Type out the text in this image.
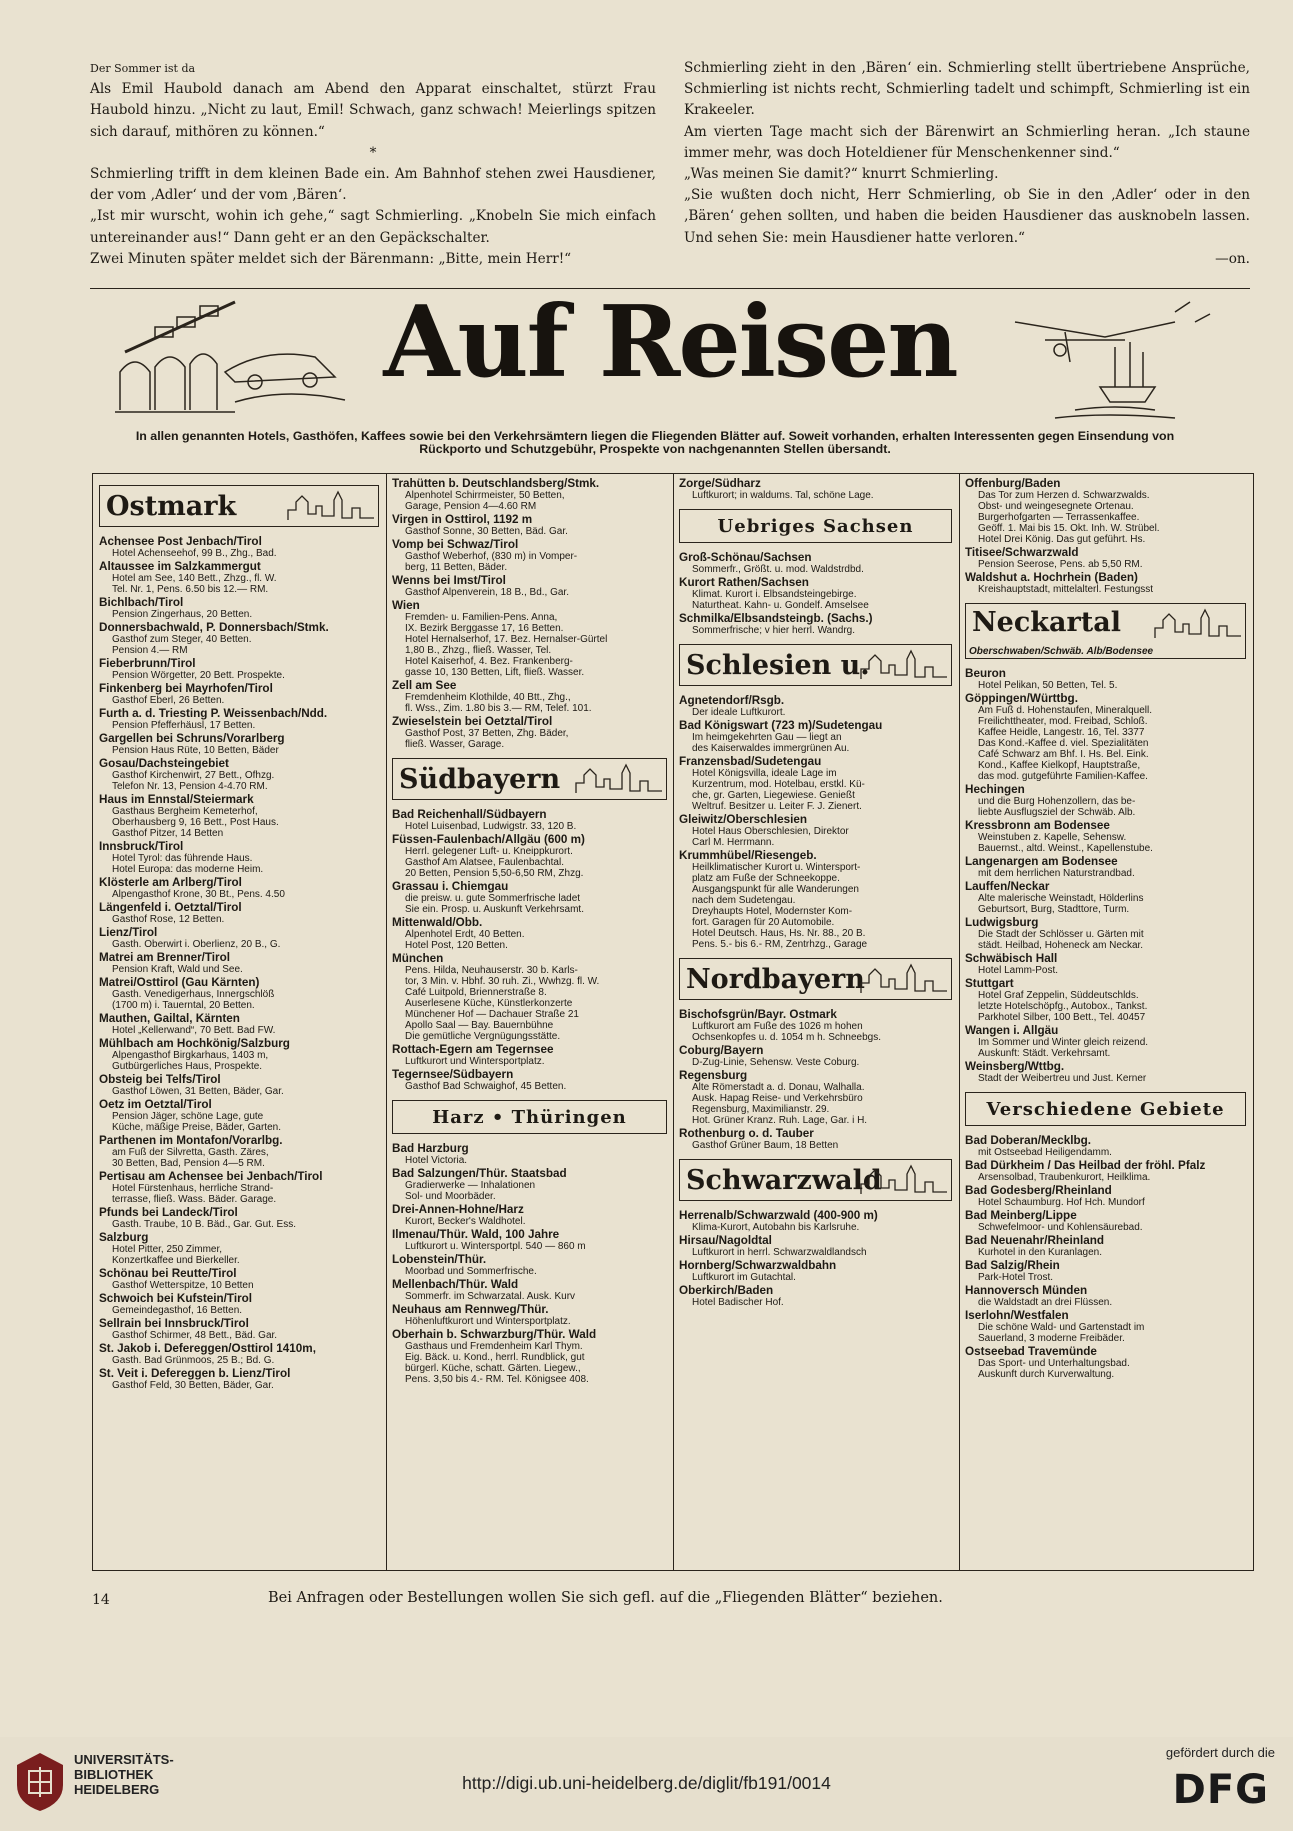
Der Sommer ist da

Als Emil Haubold danach am Abend den Apparat einschaltet, stürzt Frau Haubold hinzu. „Nicht zu laut, Emil! Schwach, ganz schwach! Meierlings spitzen sich darauf, mithören zu können.“

*

Schmierling trifft in dem kleinen Bade ein. Am Bahnhof stehen zwei Hausdiener, der vom ‚Adler‘ und der vom ‚Bären‘.

„Ist mir wurscht, wohin ich gehe,“ sagt Schmierling. „Knobeln Sie mich einfach untereinander aus!“ Dann geht er an den Gepäckschalter.

Zwei Minuten später meldet sich der Bärenmann: „Bitte, mein Herr!“

Schmierling zieht in den ‚Bären‘ ein. Schmierling stellt übertriebene Ansprüche, Schmierling ist nichts recht, Schmierling tadelt und schimpft, Schmierling ist ein Krakeeler.

Am vierten Tage macht sich der Bärenwirt an Schmierling heran. „Ich staune immer mehr, was doch Hoteldiener für Menschenkenner sind.“

„Was meinen Sie damit?“ knurrt Schmierling.

„Sie wußten doch nicht, Herr Schmierling, ob Sie in den ‚Adler‘ oder in den ‚Bären‘ gehen sollten, und haben die beiden Hausdiener das ausknobeln lassen. Und sehen Sie: mein Hausdiener hatte verloren.“

—on.

Auf Reisen
In allen genannten Hotels, Gasthöfen, Kaffees sowie bei den Verkehrsämtern liegen die Fliegenden Blätter auf. Soweit vorhanden, erhalten Interessenten gegen Einsendung von Rückporto und Schutzgebühr, Prospekte von nachgenannten Stellen übersandt.
Ostmark
Achensee Post Jenbach/Tirol
Hotel Achenseehof, 99 B., Zhg., Bad.
Altaussee im Salzkammergut
Hotel am See, 140 Bett., Zhzg., fl. W.
Tel. Nr. 1, Pens. 6.50 bis 12.— RM.
Bichlbach/Tirol
Pension Zingerhaus, 20 Betten.
Donnersbachwald, P. Donnersbach/Stmk.
Gasthof zum Steger, 40 Betten.
Pension 4.— RM
Fieberbrunn/Tirol
Pension Wörgetter, 20 Bett. Prospekte.
Finkenberg bei Mayrhofen/Tirol
Gasthof Eberl, 26 Betten.
Furth a. d. Triesting P. Weissenbach/Ndd.
Pension Pfefferhäusl, 17 Betten.
Gargellen bei Schruns/Vorarlberg
Pension Haus Rüte, 10 Betten, Bäder
Gosau/Dachsteingebiet
Gasthof Kirchenwirt, 27 Bett., Ofhzg.
Telefon Nr. 13, Pension 4-4.70 RM.
Haus im Ennstal/Steiermark
Gasthaus Bergheim Kemeterhof,
Oberhausberg 9, 16 Bett., Post Haus.
Gasthof Pitzer, 14 Betten
Innsbruck/Tirol
Hotel Tyrol: das führende Haus.
Hotel Europa: das moderne Heim.
Klösterle am Arlberg/Tirol
Alpengasthof Krone, 30 Bt., Pens. 4.50
Längenfeld i. Oetztal/Tirol
Gasthof Rose, 12 Betten.
Lienz/Tirol
Gasth. Oberwirt i. Oberlienz, 20 B., G.
Matrei am Brenner/Tirol
Pension Kraft, Wald und See.
Matrei/Osttirol (Gau Kärnten)
Gasth. Venedigerhaus, Innergschlöß
(1700 m) i. Tauerntal, 20 Betten.
Mauthen, Gailtal, Kärnten
Hotel „Kellerwand“, 70 Bett. Bad FW.
Mühlbach am Hochkönig/Salzburg
Alpengasthof Birgkarhaus, 1403 m,
Gutbürgerliches Haus, Prospekte.
Obsteig bei Telfs/Tirol
Gasthof Löwen, 31 Betten, Bäder, Gar.
Oetz im Oetztal/Tirol
Pension Jäger, schöne Lage, gute
Küche, mäßige Preise, Bäder, Garten.
Parthenen im Montafon/Vorarlbg.
am Fuß der Silvretta, Gasth. Zäres,
30 Betten, Bad, Pension 4—5 RM.
Pertisau am Achensee bei Jenbach/Tirol
Hotel Fürstenhaus, herrliche Strand-
terrasse, fließ. Wass. Bäder. Garage.
Pfunds bei Landeck/Tirol
Gasth. Traube, 10 B. Bäd., Gar. Gut. Ess.
Salzburg
Hotel Pitter, 250 Zimmer,
Konzertkaffee und Bierkeller.
Schönau bei Reutte/Tirol
Gasthof Wetterspitze, 10 Betten
Schwoich bei Kufstein/Tirol
Gemeindegasthof, 16 Betten.
Sellrain bei Innsbruck/Tirol
Gasthof Schirmer, 48 Bett., Bäd. Gar.
St. Jakob i. Defereggen/Osttirol 1410m,
Gasth. Bad Grünmoos, 25 B.; Bd. G.
St. Veit i. Defereggen b. Lienz/Tirol
Gasthof Feld, 30 Betten, Bäder, Gar.
Trahütten b. Deutschlandsberg/Stmk.
Alpenhotel Schirrmeister, 50 Betten,
Garage, Pension 4—4.60 RM
Virgen in Osttirol, 1192 m
Gasthof Sonne, 30 Betten, Bäd. Gar.
Vomp bei Schwaz/Tirol
Gasthof Weberhof, (830 m) in Vomper-
berg, 11 Betten, Bäder.
Wenns bei Imst/Tirol
Gasthof Alpenverein, 18 B., Bd., Gar.
Wien
Fremden- u. Familien-Pens. Anna,
IX. Bezirk Berggasse 17, 16 Betten.
Hotel Hernalserhof, 17. Bez. Hernalser-Gürtel
1,80 B., Zhzg., fließ. Wasser, Tel.
Hotel Kaiserhof, 4. Bez. Frankenberg-
gasse 10, 130 Betten, Lift, fließ. Wasser.
Zell am See
Fremdenheim Klothilde, 40 Btt., Zhg.,
fl. Wss., Zim. 1.80 bis 3.— RM, Telef. 101.
Zwieselstein bei Oetztal/Tirol
Gasthof Post, 37 Betten, Zhg. Bäder,
fließ. Wasser, Garage.
Südbayern
Bad Reichenhall/Südbayern
Hotel Luisenbad, Ludwigstr. 33, 120 B.
Füssen-Faulenbach/Allgäu (600 m)
Herrl. gelegener Luft- u. Kneippkurort.
Gasthof Am Alatsee, Faulenbachtal.
20 Betten, Pension 5,50-6,50 RM, Zhzg.
Grassau i. Chiemgau
die preisw. u. gute Sommerfrische ladet
Sie ein. Prosp. u. Auskunft Verkehrsamt.
Mittenwald/Obb.
Alpenhotel Erdt, 40 Betten.
Hotel Post, 120 Betten.
München
Pens. Hilda, Neuhauserstr. 30 b. Karls-
tor, 3 Min. v. Hbhf. 30 ruh. Zi., Wwhzg. fl. W.
Café Luitpold, Briennerstraße 8.
Auserlesene Küche, Künstlerkonzerte
Münchener Hof — Dachauer Straße 21
Apollo Saal — Bay. Bauernbühne
Die gemütliche Vergnügungsstätte.
Rottach-Egern am Tegernsee
Luftkurort und Wintersportplatz.
Tegernsee/Südbayern
Gasthof Bad Schwaighof, 45 Betten.
Harz • Thüringen
Bad Harzburg
Hotel Victoria.
Bad Salzungen/Thür. Staatsbad
Gradierwerke — Inhalationen
Sol- und Moorbäder.
Drei-Annen-Hohne/Harz
Kurort, Becker's Waldhotel.
Ilmenau/Thür. Wald, 100 Jahre
Luftkurort u. Wintersportpl. 540 — 860 m
Lobenstein/Thür.
Moorbad und Sommerfrische.
Mellenbach/Thür. Wald
Sommerfr. im Schwarzatal. Ausk. Kurv
Neuhaus am Rennweg/Thür.
Höhenluftkurort und Wintersportplatz.
Oberhain b. Schwarzburg/Thür. Wald
Gasthaus und Fremdenheim Karl Thym.
Eig. Bäck. u. Kond., herrl. Rundblick, gut
bürgerl. Küche, schatt. Gärten. Liegew.,
Pens. 3,50 bis 4.- RM. Tel. Königsee 408.
Zorge/Südharz
Luftkurort; in waldums. Tal, schöne Lage.
Uebriges Sachsen
Groß-Schönau/Sachsen
Sommerfr., Größt. u. mod. Waldstrdbd.
Kurort Rathen/Sachsen
Klimat. Kurort i. Elbsandsteingebirge.
Naturtheat. Kahn- u. Gondelf. Amselsee
Schmilka/Elbsandsteingb. (Sachs.)
Sommerfrische; v hier herrl. Wandrg.
Schlesien u.
Agnetendorf/Rsgb.
Der ideale Luftkurort.
Bad Königswart (723 m)/Sudetengau
Im heimgekehrten Gau — liegt an
des Kaiserwaldes immergrünen Au.
Franzensbad/Sudetengau
Hotel Königsvilla, ideale Lage im
Kurzentrum, mod. Hotelbau, erstkl. Kü-
che, gr. Garten, Liegewiese. Genießt
Weltruf. Besitzer u. Leiter F. J. Zienert.
Gleiwitz/Oberschlesien
Hotel Haus Oberschlesien, Direktor
Carl M. Herrmann.
Krummhübel/Riesengeb.
Heilklimatischer Kurort u. Wintersport-
platz am Fuße der Schneekoppe.
Ausgangspunkt für alle Wanderungen
nach dem Sudetengau.
Dreyhaupts Hotel, Modernster Kom-
fort. Garagen für 20 Automobile.
Hotel Deutsch. Haus, Hs. Nr. 88., 20 B.
Pens. 5.- bis 6.- RM, Zentrhzg., Garage
Nordbayern
Bischofsgrün/Bayr. Ostmark
Luftkurort am Fuße des 1026 m hohen
Ochsenkopfes u. d. 1054 m h. Schneebgs.
Coburg/Bayern
D-Zug-Linie, Sehensw. Veste Coburg.
Regensburg
Alte Römerstadt a. d. Donau, Walhalla.
Ausk. Hapag Reise- und Verkehrsbüro
Regensburg, Maximilianstr. 29.
Hot. Grüner Kranz. Ruh. Lage, Gar. i H.
Rothenburg o. d. Tauber
Gasthof Grüner Baum, 18 Betten
Schwarzwald
Herrenalb/Schwarzwald (400-900 m)
Klima-Kurort, Autobahn bis Karlsruhe.
Hirsau/Nagoldtal
Luftkurort in herrl. Schwarzwaldlandsch
Hornberg/Schwarzwaldbahn
Luftkurort im Gutachtal.
Oberkirch/Baden
Hotel Badischer Hof.
Offenburg/Baden
Das Tor zum Herzen d. Schwarzwalds.
Obst- und weingesegnete Ortenau.
Burgerhofgarten — Terrassenkaffee.
Geöff. 1. Mai bis 15. Okt. Inh. W. Strübel.
Hotel Drei König. Das gut geführt. Hs.
Titisee/Schwarzwald
Pension Seerose, Pens. ab 5,50 RM.
Waldshut a. Hochrhein (Baden)
Kreishauptstadt, mittelalterl. Festungsst
Neckartal
Oberschwaben/Schwäb. Alb/Bodensee
Beuron
Hotel Pelikan, 50 Betten, Tel. 5.
Göppingen/Württbg.
Am Fuß d. Hohenstaufen, Mineralquell.
Freilichttheater, mod. Freibad, Schloß.
Kaffee Heidle, Langestr. 16, Tel. 3377
Das Kond.-Kaffee d. viel. Spezialitäten
Café Schwarz am Bhf. I. Hs. Bel. Eink.
Kond., Kaffee Kielkopf, Hauptstraße,
das mod. gutgeführte Familien-Kaffee.
Hechingen
und die Burg Hohenzollern, das be-
liebte Ausflugsziel der Schwäb. Alb.
Kressbronn am Bodensee
Weinstuben z. Kapelle, Sehensw.
Bauernst., altd. Weinst., Kapellenstube.
Langenargen am Bodensee
mit dem herrlichen Naturstrandbad.
Lauffen/Neckar
Alte malerische Weinstadt, Hölderlins
Geburtsort, Burg, Stadttore, Turm.
Ludwigsburg
Die Stadt der Schlösser u. Gärten mit
städt. Heilbad, Hoheneck am Neckar.
Schwäbisch Hall
Hotel Lamm-Post.
Stuttgart
Hotel Graf Zeppelin, Süddeutschlds.
letzte Hotelschöpfg., Autobox., Tankst.
Parkhotel Silber, 100 Bett., Tel. 40457
Wangen i. Allgäu
Im Sommer und Winter gleich reizend.
Auskunft: Städt. Verkehrsamt.
Weinsberg/Wttbg.
Stadt der Weibertreu und Just. Kerner
Verschiedene Gebiete
Bad Doberan/Mecklbg.
mit Ostseebad Heiligendamm.
Bad Dürkheim / Das Heilbad der fröhl. Pfalz
Arsensolbad, Traubenkurort, Heilklima.
Bad Godesberg/Rheinland
Hotel Schaumburg. Hof Hch. Mundorf
Bad Meinberg/Lippe
Schwefelmoor- und Kohlensäurebad.
Bad Neuenahr/Rheinland
Kurhotel in den Kuranlagen.
Bad Salzig/Rhein
Park-Hotel Trost.
Hannoversch Münden
die Waldstadt an drei Flüssen.
Iserlohn/Westfalen
Die schöne Wald- und Gartenstadt im
Sauerland, 3 moderne Freibäder.
Ostseebad Travemünde
Das Sport- und Unterhaltungsbad.
Auskunft durch Kurverwaltung.
14	Bei Anfragen oder Bestellungen wollen Sie sich gefl. auf die „Fliegenden Blätter“ beziehen.
UNIVERSITÄTS-
BIBLIOTHEK
HEIDELBERG	http://digi.ub.uni-heidelberg.de/diglit/fb191/0014
gefördert durch die
DFG
